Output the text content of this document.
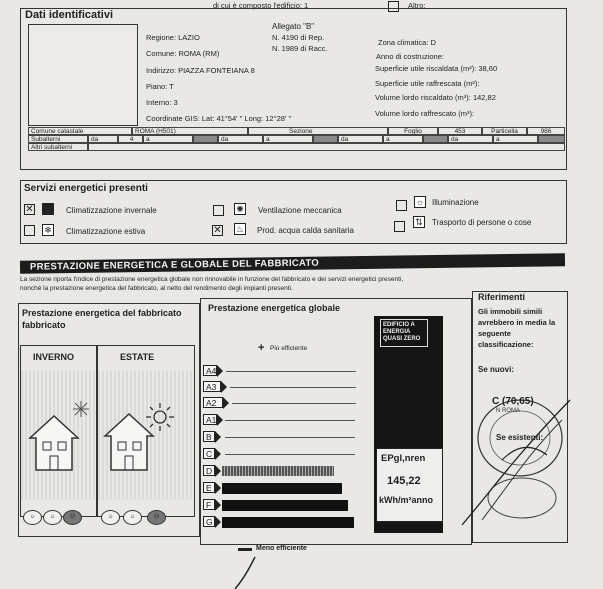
di cui è composto l'edificio: 1	Altro:
Dati identificativi
Allegato "B"
N. 4190 di Rep.
N. 1989 di Racc.
Regione: LAZIO
Comune: ROMA (RM)
Indirizzo: PIAZZA FONTEIANA 8
Piano: T
Interno: 3
Coordinate GIS: Lat: 41°54' " Long: 12°28' "
Zona climatica: D
Anno di costruzione:
Superficie utile riscaldata (m²): 38,60
Superficie utile raffrescata (m²):
Volume lordo riscaldato (m³): 142,82
Volume lordo raffrescato (m³):
Comune catastale	ROMA (H501)	Sezione	Foglio	453	Particella	986
Subalterni	da	4	a	da	a	da	a	da	a
Altri subalterni
Servizi energetici presenti
✕	Climatizzazione invernale	✺ Ventilazione meccanica
☼ Illuminazione
❄ Climatizzazione estiva	✕ ♨ Prod. acqua calda sanitaria
⇅ Trasporto di persone o cose
PRESTAZIONE ENERGETICA E GLOBALE DEL FABBRICATO
La sezione riporta l'indice di prestazione energetica globale non rinnovabile in funzione del fabbricato e dei servizi energetici presenti,
nonché la prestazione energetica del fabbricato, al netto del rendimento degli impianti presenti.
Prestazione energetica del fabbricato
fabbricato
INVERNO	ESTATE
☺	☺	☹	☺	☺	☹
Prestazione energetica globale
Più efficiente
+
A4
A3
A2
A1
B
C
D
E
F
G
EDIFICIO A ENERGIA QUASI ZERO
EPgl,nren
145,22
kWh/m²anno
Meno efficiente
Riferimenti
Gli immobili simili avrebbero in media la seguente classificazione:
Se nuovi:
Se esistenti:
N ROMA
C (70,65)
